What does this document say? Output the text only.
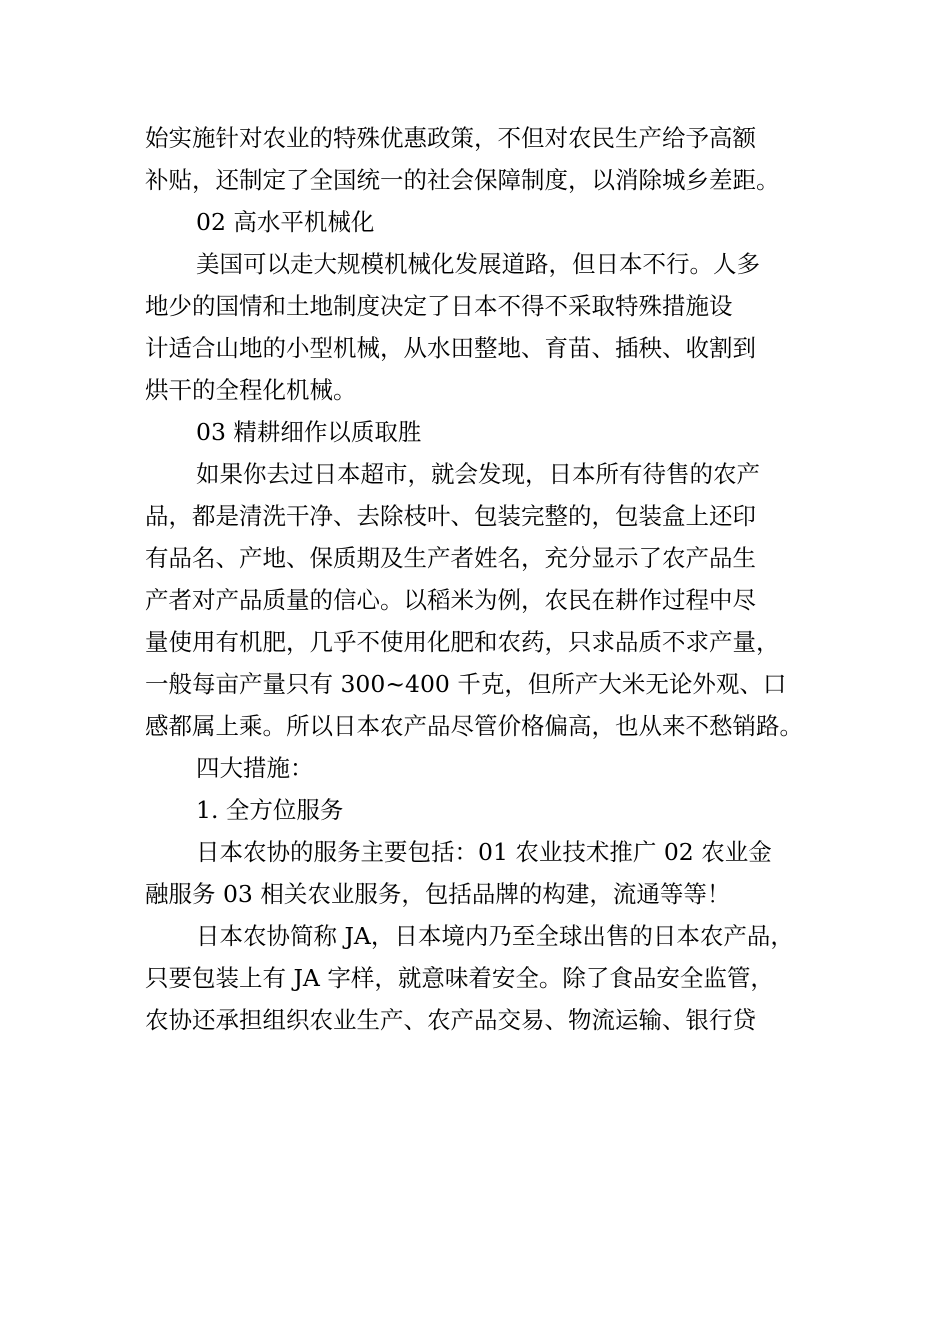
始实施针对农业的特殊优惠政策，不但对农民生产给予高额
补贴，还制定了全国统一的社会保障制度，以消除城乡差距。
02 高水平机械化
美国可以走大规模机械化发展道路，但日本不行。人多
地少的国情和土地制度决定了日本不得不采取特殊措施设
计适合山地的小型机械，从水田整地、育苗、插秧、收割到
烘干的全程化机械。
03 精耕细作以质取胜
如果你去过日本超市，就会发现，日本所有待售的农产
品，都是清洗干净、去除枝叶、包装完整的，包装盒上还印
有品名、产地、保质期及生产者姓名，充分显示了农产品生
产者对产品质量的信心。以稻米为例，农民在耕作过程中尽
量使用有机肥，几乎不使用化肥和农药，只求品质不求产量，
一般每亩产量只有 300~400 千克，但所产大米无论外观、口
感都属上乘。所以日本农产品尽管价格偏高，也从来不愁销路。
四大措施：
1. 全方位服务
日本农协的服务主要包括：01 农业技术推广 02 农业金
融服务 03 相关农业服务，包括品牌的构建，流通等等！
日本农协简称 JA，日本境内乃至全球出售的日本农产品，
只要包装上有 JA 字样，就意味着安全。除了食品安全监管，
农协还承担组织农业生产、农产品交易、物流运输、银行贷
